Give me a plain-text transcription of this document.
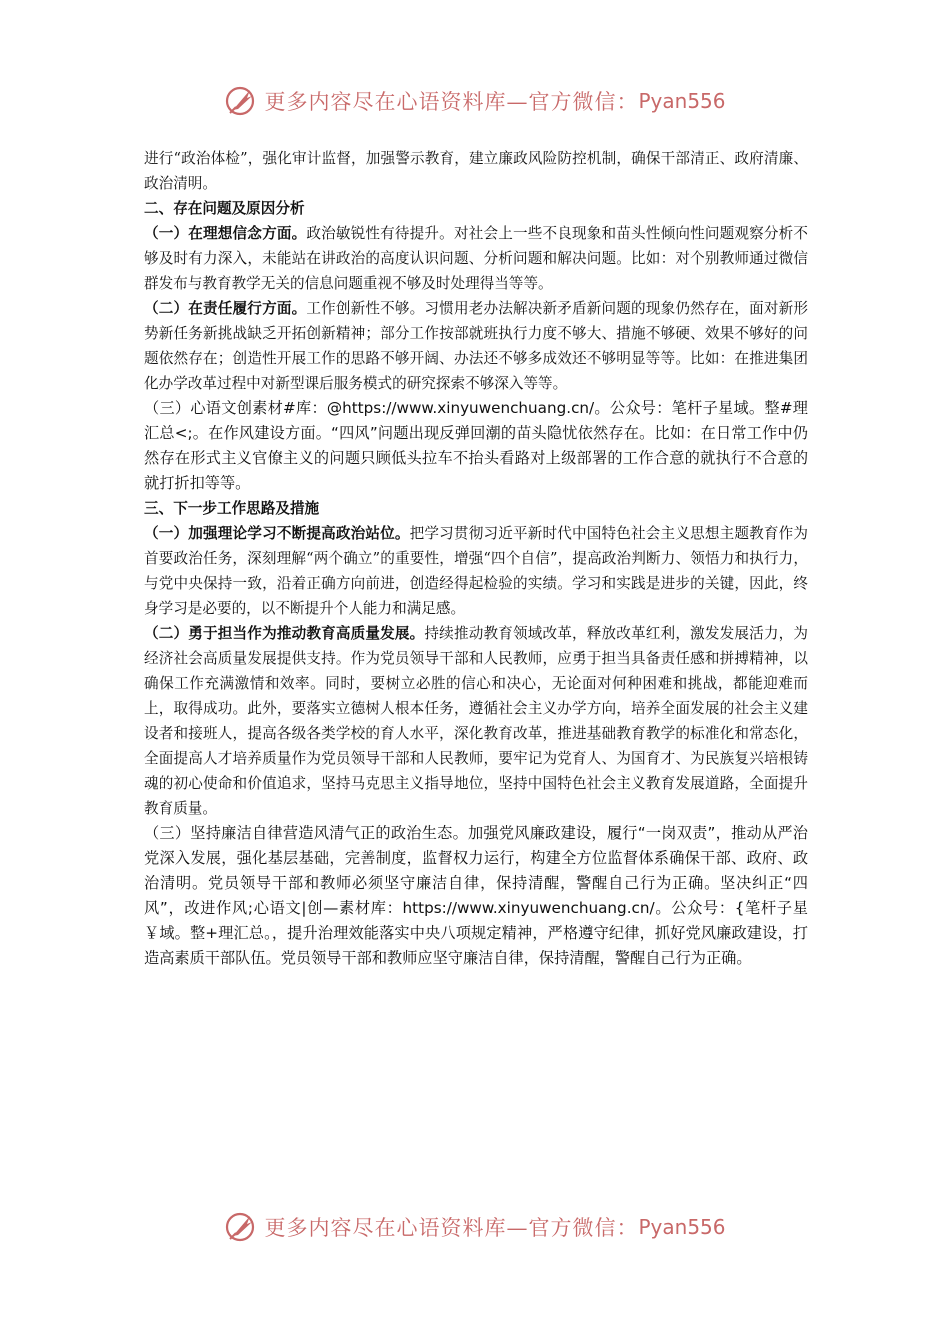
更多内容尽在心语资料库—官方微信： Pyan556

进行“政治体检”，强化审计监督，加强警示教育，建立廉政风险防控机制，确保干部清正、政府清廉、政治清明。

二、存在问题及原因分析

（一）在理想信念方面。政治敏锐性有待提升。对社会上一些不良现象和苗头性倾向性问题观察分析不够及时有力深入，未能站在讲政治的高度认识问题、分析问题和解决问题。比如：对个别教师通过微信群发布与教育教学无关的信息问题重视不够及时处理得当等等。

（二）在责任履行方面。工作创新性不够。习惯用老办法解决新矛盾新问题的现象仍然存在，面对新形势新任务新挑战缺乏开拓创新精神；部分工作按部就班执行力度不够大、措施不够硬、效果不够好的问题依然存在；创造性开展工作的思路不够开阔、办法还不够多成效还不够明显等等。比如：在推进集团化办学改革过程中对新型课后服务模式的研究探索不够深入等等。

（三）心语文创素材#库：@https://www.xinyuwenchuang.cn/。公众号：笔杆子星域。整#理汇总<;。在作风建设方面。“四风”问题出现反弹回潮的苗头隐忧依然存在。比如：在日常工作中仍然存在形式主义官僚主义的问题只顾低头拉车不抬头看路对上级部署的工作合意的就执行不合意的就打折扣等等。

三、下一步工作思路及措施

（一）加强理论学习不断提高政治站位。把学习贯彻习近平新时代中国特色社会主义思想主题教育作为首要政治任务，深刻理解“两个确立”的重要性，增强“四个自信”，提高政治判断力、领悟力和执行力，与党中央保持一致，沿着正确方向前进，创造经得起检验的实绩。学习和实践是进步的关键，因此，终身学习是必要的，以不断提升个人能力和满足感。

（二）勇于担当作为推动教育高质量发展。持续推动教育领域改革，释放改革红利，激发发展活力，为经济社会高质量发展提供支持。作为党员领导干部和人民教师，应勇于担当具备责任感和拼搏精神，以确保工作充满激情和效率。同时，要树立必胜的信心和决心，无论面对何种困难和挑战，都能迎难而上，取得成功。此外，要落实立德树人根本任务，遵循社会主义办学方向，培养全面发展的社会主义建设者和接班人，提高各级各类学校的育人水平，深化教育改革，推进基础教育教学的标准化和常态化，全面提高人才培养质量作为党员领导干部和人民教师，要牢记为党育人、为国育才、为民族复兴培根铸魂的初心使命和价值追求，坚持马克思主义指导地位，坚持中国特色社会主义教育发展道路，全面提升教育质量。

（三）坚持廉洁自律营造风清气正的政治生态。加强党风廉政建设，履行“一岗双责”，推动从严治党深入发展，强化基层基础，完善制度，监督权力运行，构建全方位监督体系确保干部、政府、政治清明。党员领导干部和教师必须坚守廉洁自律，保持清醒，警醒自己行为正确。坚决纠正“四风”，改进作风;心语文|创—素材库：https://www.xinyuwenchuang.cn/。公众号：{笔杆子星￥域。整+理汇总。，提升治理效能落实中央八项规定精神，严格遵守纪律，抓好党风廉政建设，打造高素质干部队伍。党员领导干部和教师应坚守廉洁自律，保持清醒，警醒自己行为正确。

更多内容尽在心语资料库—官方微信： Pyan556
